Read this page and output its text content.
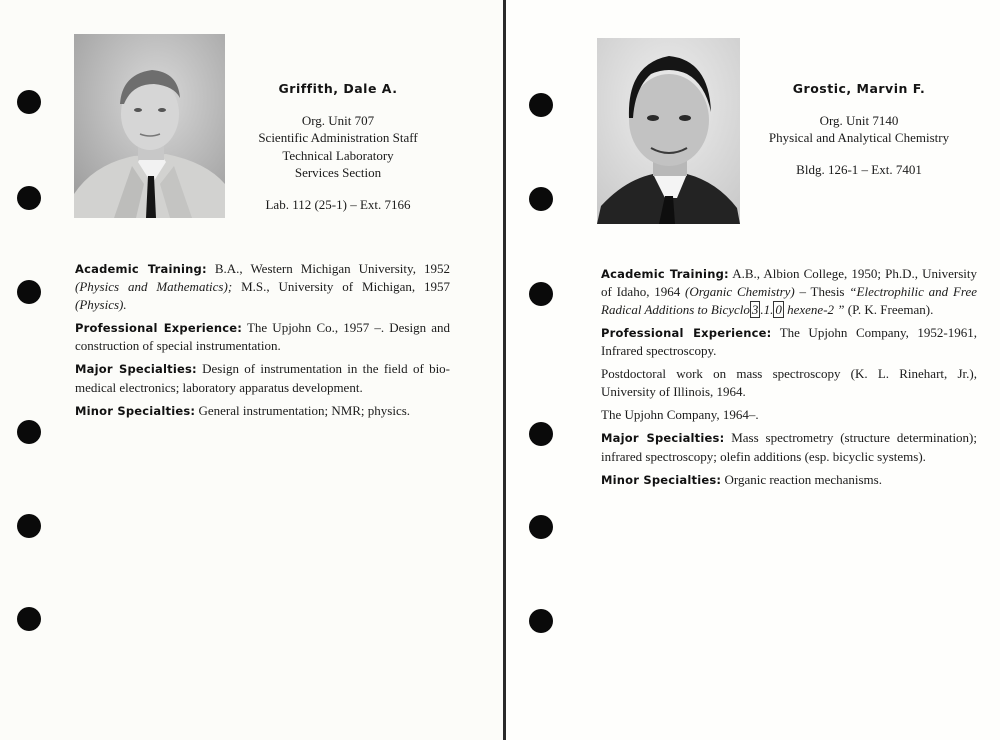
Griffith, Dale A.
Org. Unit 707
Scientific Administration Staff
Technical Laboratory
Services Section
Lab. 112 (25-1) – Ext. 7166

Academic Training: B.A., Western Michigan University, 1952 (Physics and Mathematics); M.S., University of Michigan, 1957 (Physics).

Professional Experience: The Upjohn Co., 1957 –. Design and construction of special instrumentation.

Major Specialties: Design of instrumentation in the field of bio-medical electronics; laboratory apparatus development.

Minor Specialties: General instrumentation; NMR; physics.

Grostic, Marvin F.
Org. Unit 7140
Physical and Analytical Chemistry
Bldg. 126-1 – Ext. 7401

Academic Training: A.B., Albion College, 1950; Ph.D., University of Idaho, 1964 (Organic Chemistry) – Thesis “Electrophilic and Free Radical Additions to Bicyclo 3 .1. 0 hexene-2 ” (P. K. Freeman).

Professional Experience: The Upjohn Company, 1952-1961, Infrared spectroscopy.

Postdoctoral work on mass spectroscopy (K. L. Rinehart, Jr.), University of Illinois, 1964.

The Upjohn Company, 1964–.

Major Specialties: Mass spectrometry (structure determination); infrared spectroscopy; olefin additions (esp. bicyclic systems).

Minor Specialties: Organic reaction mechanisms.
